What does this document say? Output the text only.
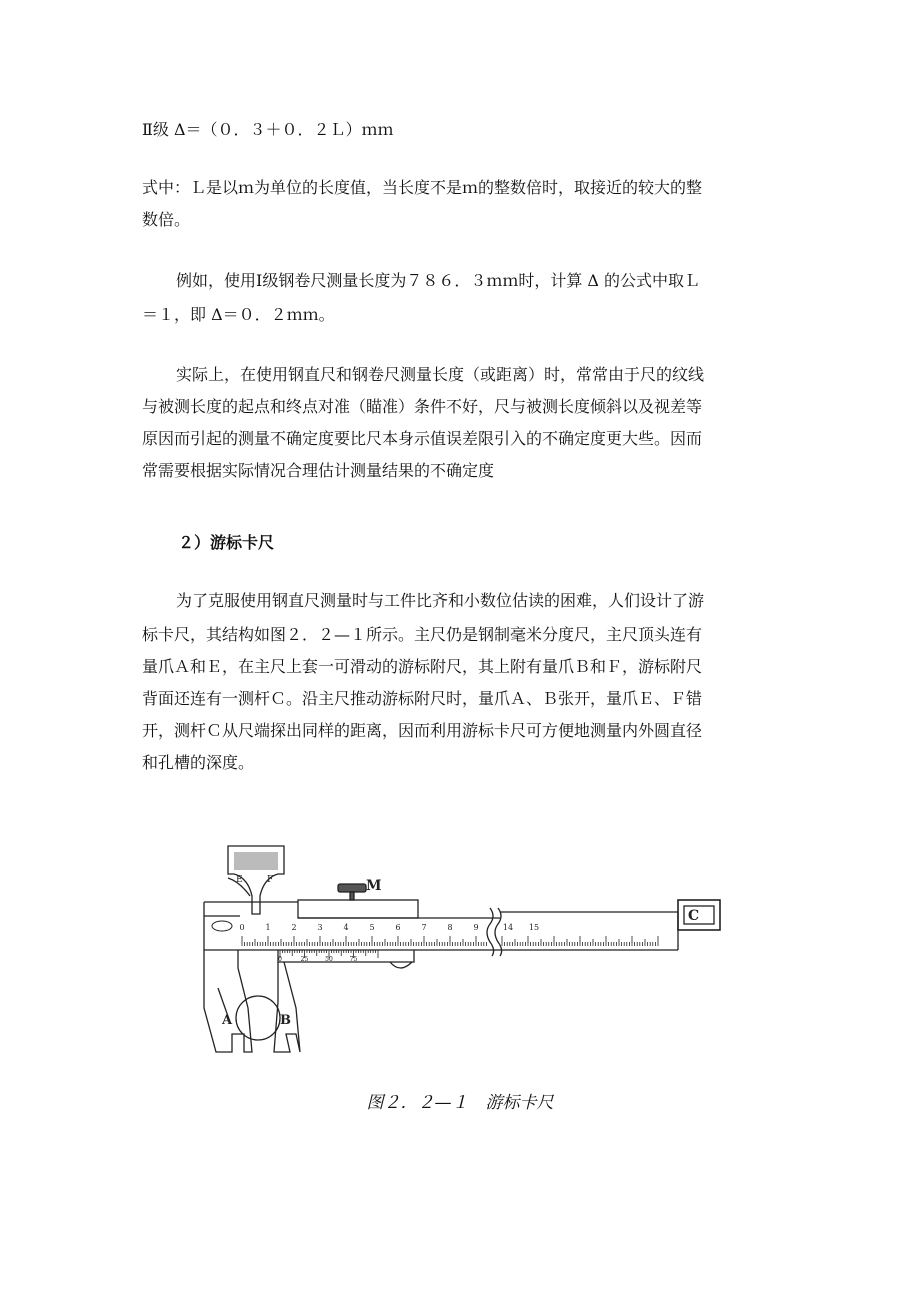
Ⅱ级 Δ＝（０．３＋０．２Ｌ）ｍｍ
式中：Ｌ是以ｍ为单位的长度值，当长度不是ｍ的整数倍时，取接近的较大的整
数倍。
例如，使用Ⅰ级钢卷尺测量长度为７８６．３ｍｍ时，计算 Δ 的公式中取Ｌ
＝１，即 Δ＝０．２ｍｍ。
实际上，在使用钢直尺和钢卷尺测量长度（或距离）时，常常由于尺的纹线
与被测长度的起点和终点对准（瞄准）条件不好，尺与被测长度倾斜以及视差等
原因而引起的测量不确定度要比尺本身示值误差限引入的不确定度更大些。因而
常需要根据实际情况合理估计测量结果的不确定度
２）游标卡尺
为了克服使用钢直尺测量时与工件比齐和小数位估读的困难，人们设计了游
标卡尺，其结构如图２．２—１所示。主尺仍是钢制毫米分度尺，主尺顶头连有
量爪Ａ和Ｅ，在主尺上套一可滑动的游标附尺，其上附有量爪Ｂ和Ｆ，游标附尺
背面还连有一测杆Ｃ。沿主尺推动游标附尺时，量爪Ａ、Ｂ张开，量爪Ｅ、Ｆ错
开，测杆Ｃ从尺端探出同样的距离，因而利用游标卡尺可方便地测量内外圆直径
和孔槽的深度。
E	F	M
C
A	B
0	1	2	3	4	5	6	7	8	9	14 15
0	25	50	75
图２．２—１　游标卡尺
